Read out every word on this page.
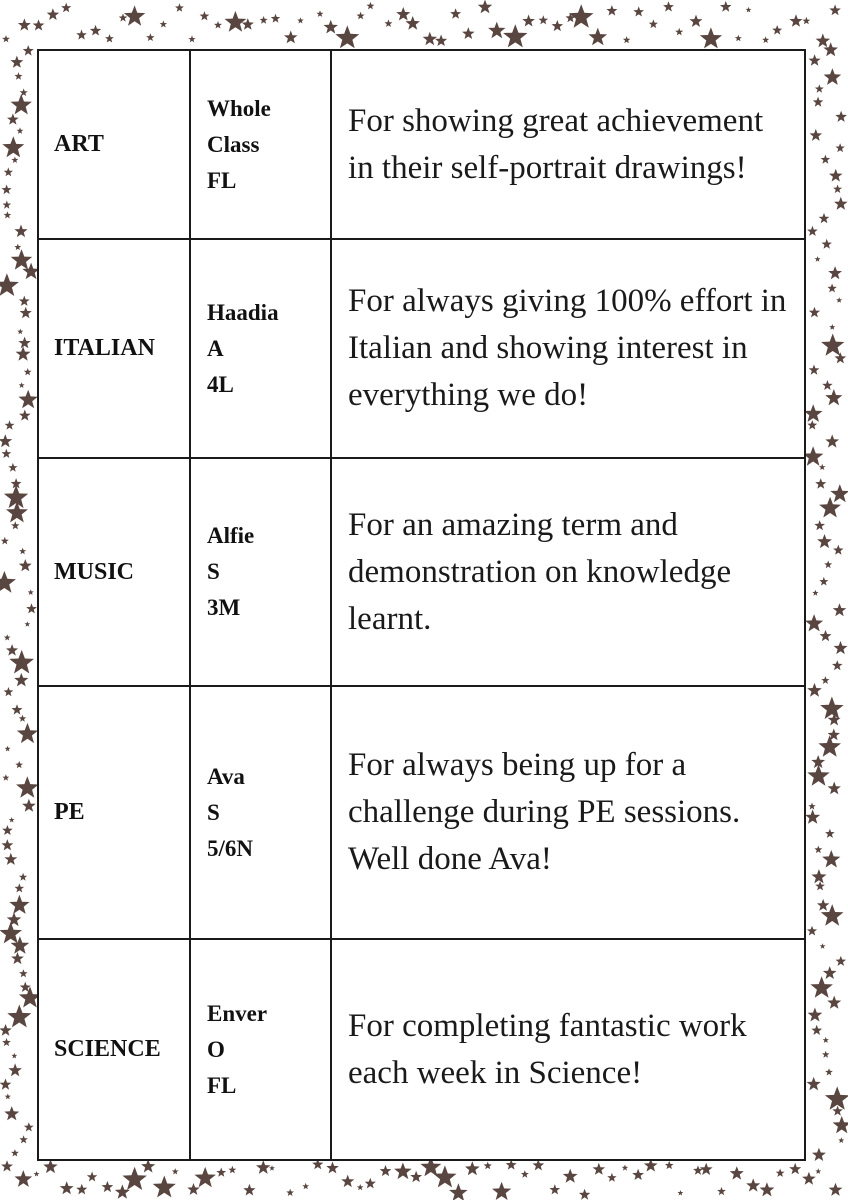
ART	Whole
Class
FL	For showing great achievement in their self-portrait drawings!
ITALIAN	Haadia
A
4L	For always giving 100% effort in Italian and showing interest in everything we do!
MUSIC	Alfie
S
3M	For an amazing term and demonstration on knowledge learnt.
PE	Ava
S
5/6N	For always being up for a challenge during PE sessions. Well done Ava!
SCIENCE	Enver
O
FL	For completing fantastic work each week in Science!
